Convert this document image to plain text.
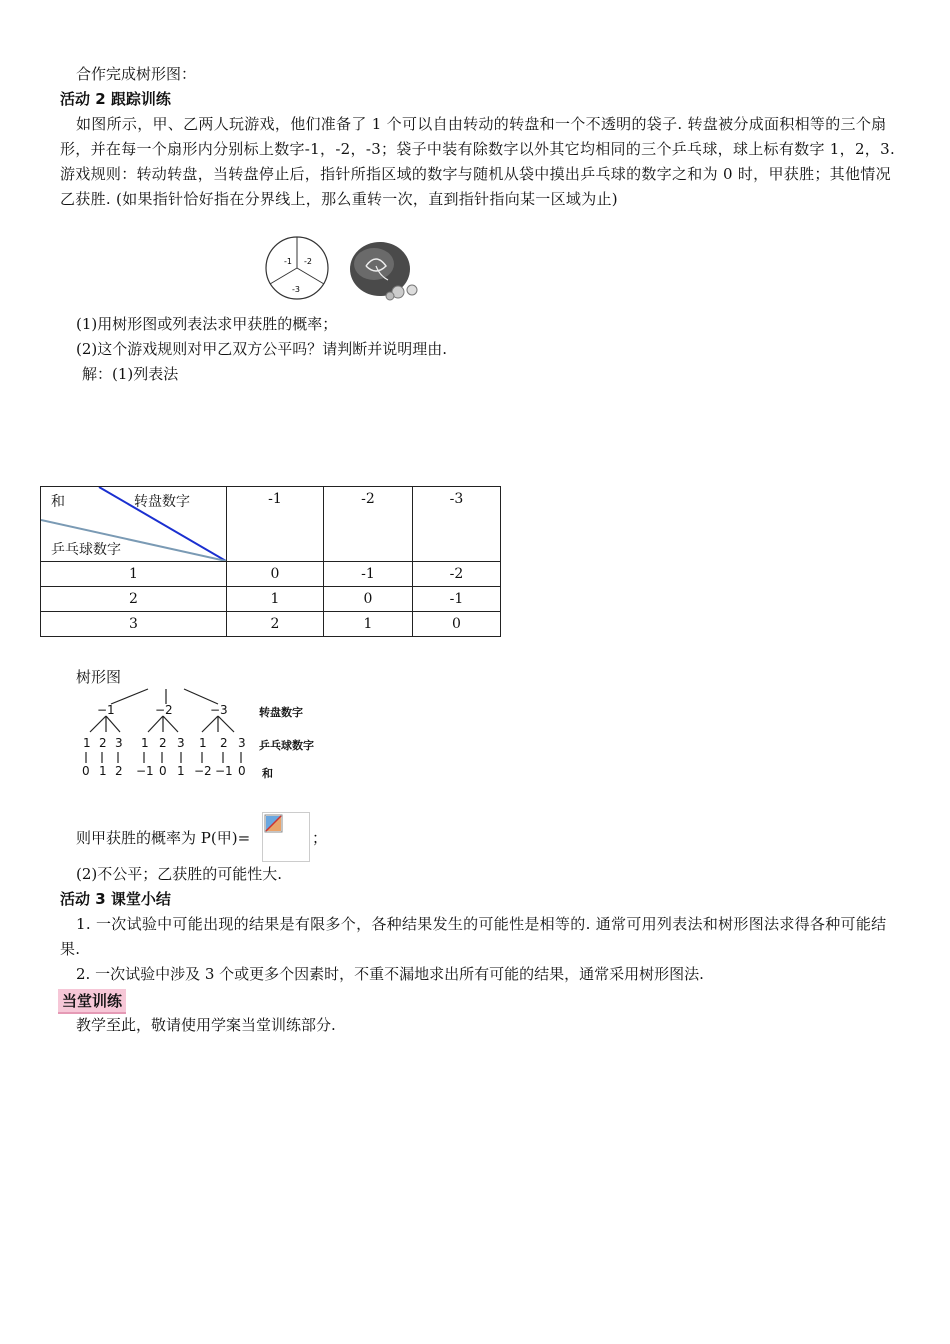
合作完成树形图：
活动 2 跟踪训练
如图所示，甲、乙两人玩游戏，他们准备了 1 个可以自由转动的转盘和一个不透明的袋子. 转盘被分成面积相等的三个扇形，并在每一个扇形内分别标上数字-1，-2，-3；袋子中装有除数字以外其它均相同的三个乒乓球，球上标有数字 1，2，3. 游戏规则：转动转盘，当转盘停止后，指针所指区域的数字与随机从袋中摸出乒乓球的数字之和为 0 时，甲获胜；其他情况乙获胜. (如果指针恰好指在分界线上，那么重转一次，直到指针指向某一区域为止)
-1 -2
-3
(1)用树形图或列表法求甲获胜的概率；
(2)这个游戏规则对甲乙双方公平吗？请判断并说明理由.
解：(1)列表法
和 转盘数字
乒乓球数字	-1	-2	-3
1	0	-1	-2
2	1	0	-1
3	2	1	0
树形图
−1	−2	−3
1 2 3 1 2 3 1 2 3
0 1 2 −1 0 1 −2 −1 0
转盘数字
乒乓球数字
和
则甲获胜的概率为 P(甲)=	；
(2)不公平；乙获胜的可能性大.
活动 3 课堂小结
1. 一次试验中可能出现的结果是有限多个，各种结果发生的可能性是相等的. 通常可用列表法和树形图法求得各种可能结果.
2. 一次试验中涉及 3 个或更多个因素时，不重不漏地求出所有可能的结果，通常采用树形图法.
当堂训练
教学至此，敬请使用学案当堂训练部分.
